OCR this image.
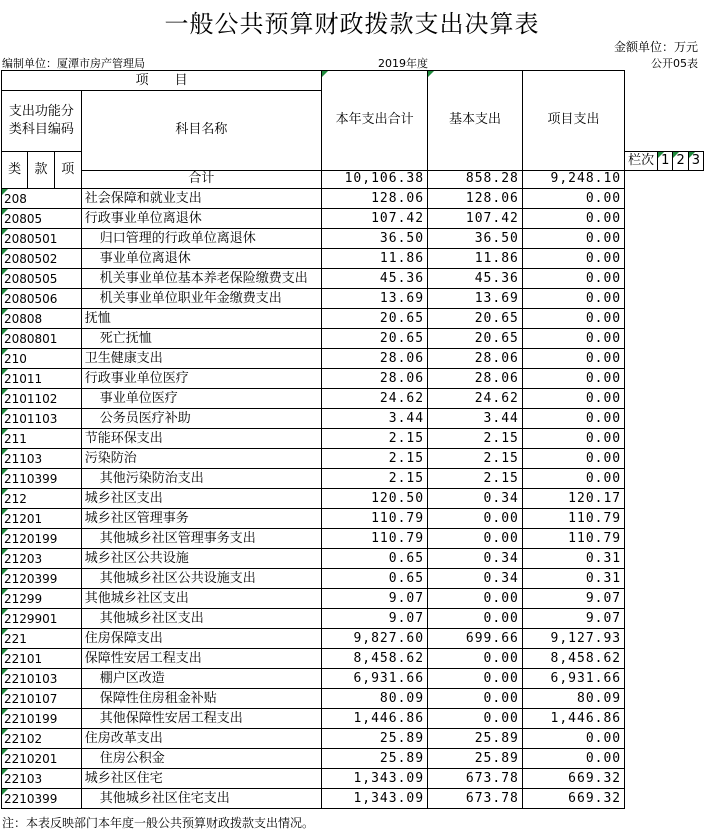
一般公共预算财政拨款支出决算表
金额单位：万元
编制单位：厦潭市房产管理局	2019年度	公开05表
项　　目				本年支出合计	基本支出	项目支出				
支出功能分类科目编码			科目名称							
类	款	项					栏次	1	2	3
			合计	10,106.38	858.28	9,248.10				
208			社会保障和就业支出	128.06	128.06	0.00				
20805			行政事业单位离退休	107.42	107.42	0.00				
2080501			归口管理的行政单位离退休	36.50	36.50	0.00				
2080502			事业单位离退休	11.86	11.86	0.00				
2080505			机关事业单位基本养老保险缴费支出	45.36	45.36	0.00				
2080506			机关事业单位职业年金缴费支出	13.69	13.69	0.00				
20808			抚恤	20.65	20.65	0.00				
2080801			死亡抚恤	20.65	20.65	0.00				
210			卫生健康支出	28.06	28.06	0.00				
21011			行政事业单位医疗	28.06	28.06	0.00				
2101102			事业单位医疗	24.62	24.62	0.00				
2101103			公务员医疗补助	3.44	3.44	0.00				
211			节能环保支出	2.15	2.15	0.00				
21103			污染防治	2.15	2.15	0.00				
2110399			其他污染防治支出	2.15	2.15	0.00				
212			城乡社区支出	120.50	0.34	120.17				
21201			城乡社区管理事务	110.79	0.00	110.79				
2120199			其他城乡社区管理事务支出	110.79	0.00	110.79				
21203			城乡社区公共设施	0.65	0.34	0.31				
2120399			其他城乡社区公共设施支出	0.65	0.34	0.31				
21299			其他城乡社区支出	9.07	0.00	9.07				
2129901			其他城乡社区支出	9.07	0.00	9.07				
221			住房保障支出	9,827.60	699.66	9,127.93				
22101			保障性安居工程支出	8,458.62	0.00	8,458.62				
2210103			棚户区改造	6,931.66	0.00	6,931.66				
2210107			保障性住房租金补贴	80.09	0.00	80.09				
2210199			其他保障性安居工程支出	1,446.86	0.00	1,446.86				
22102			住房改革支出	25.89	25.89	0.00				
2210201			住房公积金	25.89	25.89	0.00				
22103			城乡社区住宅	1,343.09	673.78	669.32				
2210399			其他城乡社区住宅支出	1,343.09	673.78	669.32				
注：本表反映部门本年度一般公共预算财政拨款支出情况。
